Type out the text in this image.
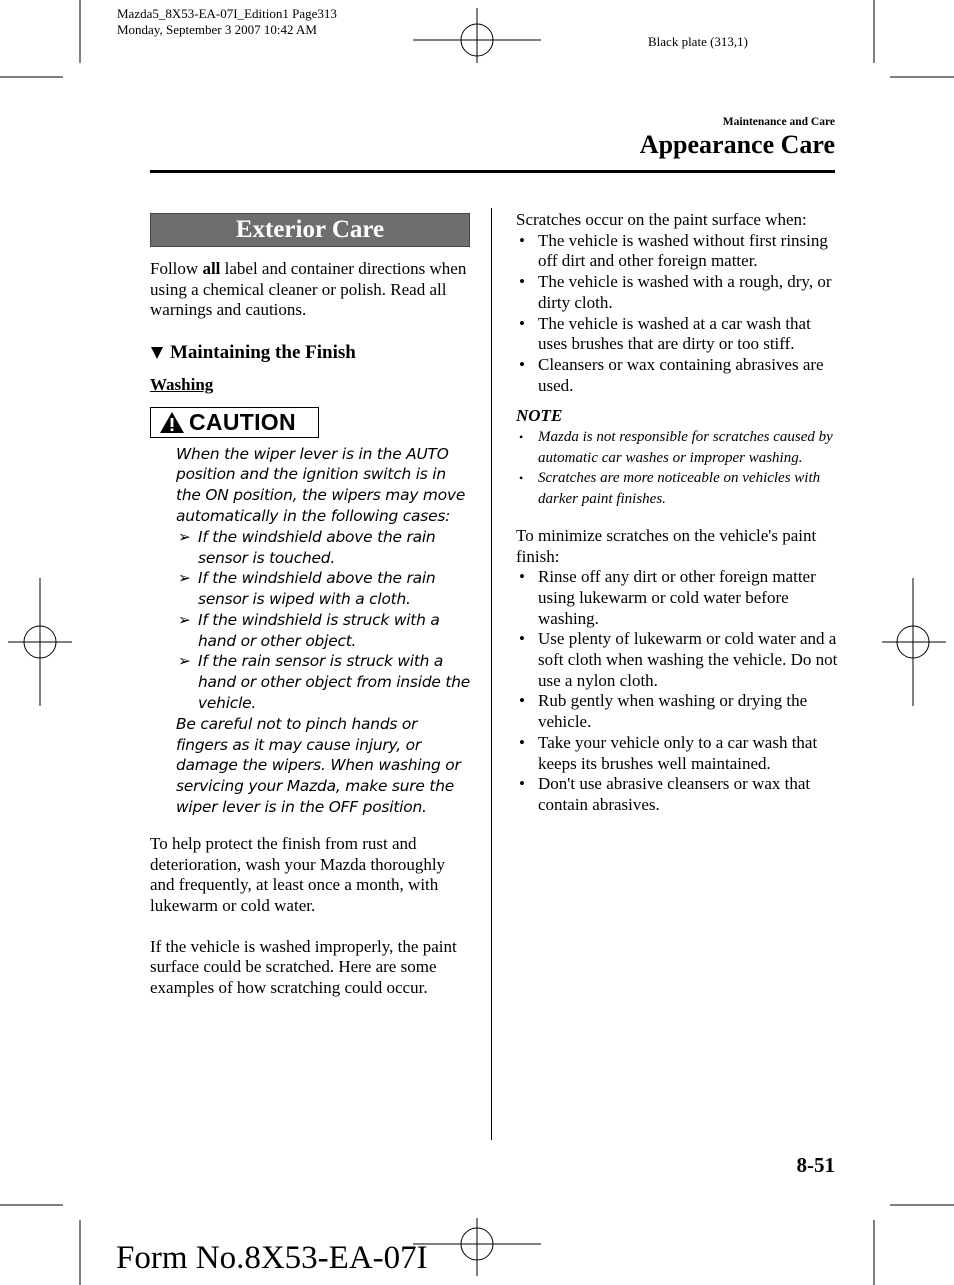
Mazda5_8X53-EA-07I_Edition1 Page313
Monday, September 3 2007 10:42 AM
Black plate (313,1)
Maintenance and Care
Appearance Care
Exterior Care

Follow all label and container directions when using a chemical cleaner or polish. Read all warnings and cautions.

Maintaining the Finish
Washing
CAUTION

When the wiper lever is in the AUTO position and the ignition switch is in the ON position, the wipers may move automatically in the following cases:

➢ If the windshield above the rain sensor is touched.
➢ If the windshield above the rain sensor is wiped with a cloth.
➢ If the windshield is struck with a hand or other object.
➢ If the rain sensor is struck with a hand or other object from inside the vehicle.

Be careful not to pinch hands or fingers as it may cause injury, or damage the wipers. When washing or servicing your Mazda, make sure the wiper lever is in the OFF position.

To help protect the finish from rust and deterioration, wash your Mazda thoroughly and frequently, at least once a month, with lukewarm or cold water.

If the vehicle is washed improperly, the paint surface could be scratched. Here are some examples of how scratching could occur.

Scratches occur on the paint surface when:

• The vehicle is washed without first rinsing off dirt and other foreign matter.
• The vehicle is washed with a rough, dry, or dirty cloth.
• The vehicle is washed at a car wash that uses brushes that are dirty or too stiff.
• Cleansers or wax containing abrasives are used.
NOTE
• Mazda is not responsible for scratches caused by automatic car washes or improper washing.
• Scratches are more noticeable on vehicles with darker paint finishes.

To minimize scratches on the vehicle's paint finish:

• Rinse off any dirt or other foreign matter using lukewarm or cold water before washing.
• Use plenty of lukewarm or cold water and a soft cloth when washing the vehicle. Do not use a nylon cloth.
• Rub gently when washing or drying the vehicle.
• Take your vehicle only to a car wash that keeps its brushes well maintained.
• Don't use abrasive cleansers or wax that contain abrasives.
8-51
Form No.8X53-EA-07I
